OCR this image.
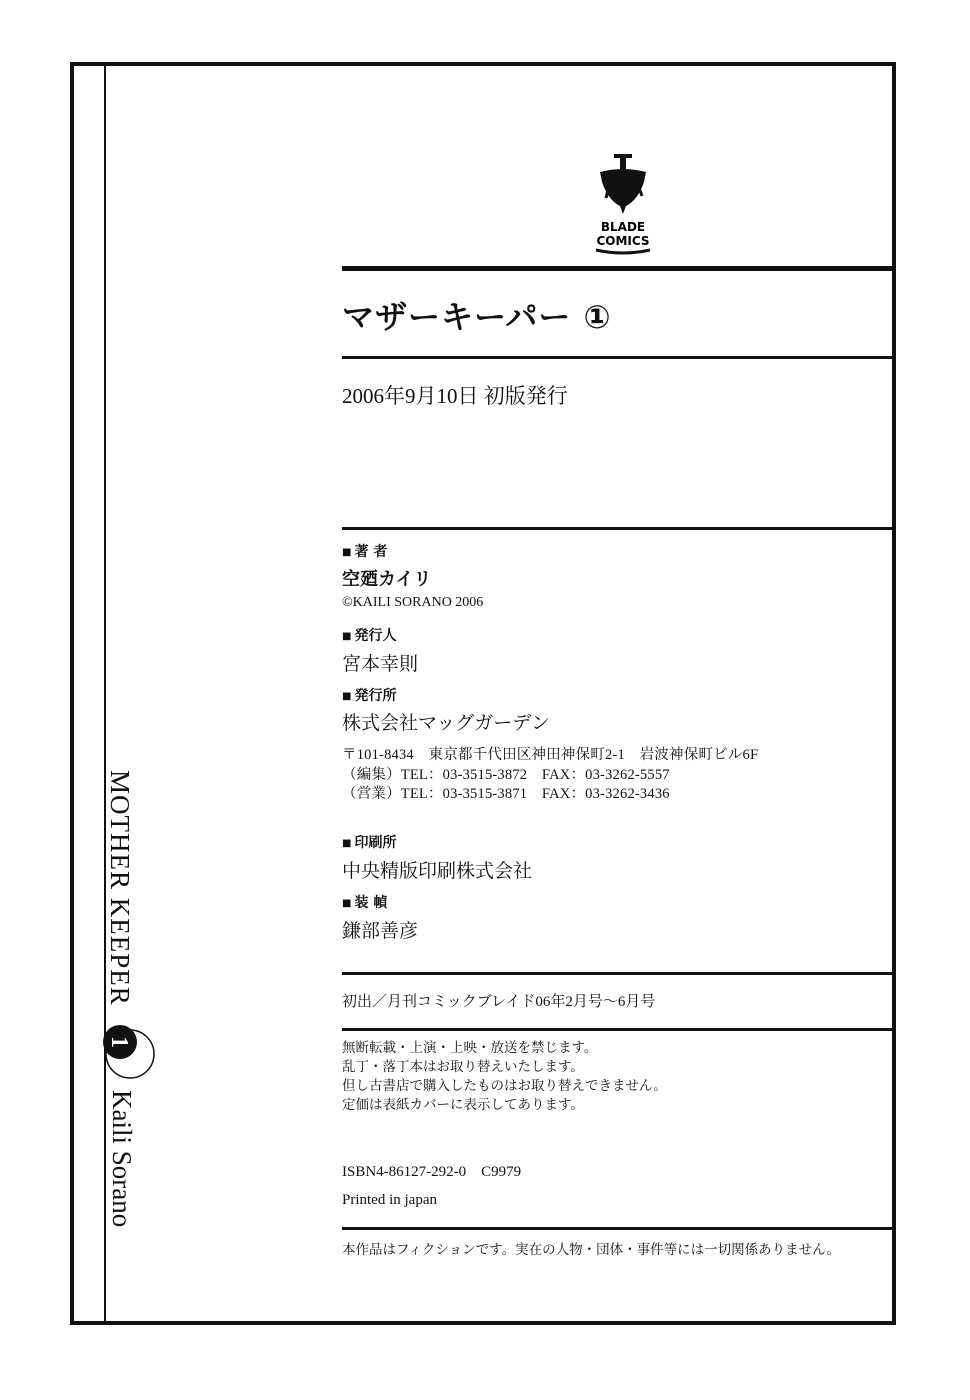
MOTHER KEEPER
1
Kaili Sorano
BLADE
COMICS
マザーキーパー ①
2006年9月10日 初版発行
■ 著 者
空廼カイリ
©KAILI SORANO 2006
■ 発行人
宮本幸則
■ 発行所
株式会社マッグガーデン
〒101-8434　東京都千代田区神田神保町2-1　岩波神保町ビル6F
（編集）TEL：03-3515-3872　FAX：03-3262-5557
（営業）TEL：03-3515-3871　FAX：03-3262-3436
■ 印刷所
中央精版印刷株式会社
■ 装 幀
鎌部善彦
初出／月刊コミックブレイド06年2月号～6月号
無断転載・上演・上映・放送を禁じます。
乱丁・落丁本はお取り替えいたします。
但し古書店で購入したものはお取り替えできません。
定価は表紙カバーに表示してあります。
ISBN4-86127-292-0　C9979
Printed in japan
本作品はフィクションです。実在の人物・団体・事件等には一切関係ありません。
